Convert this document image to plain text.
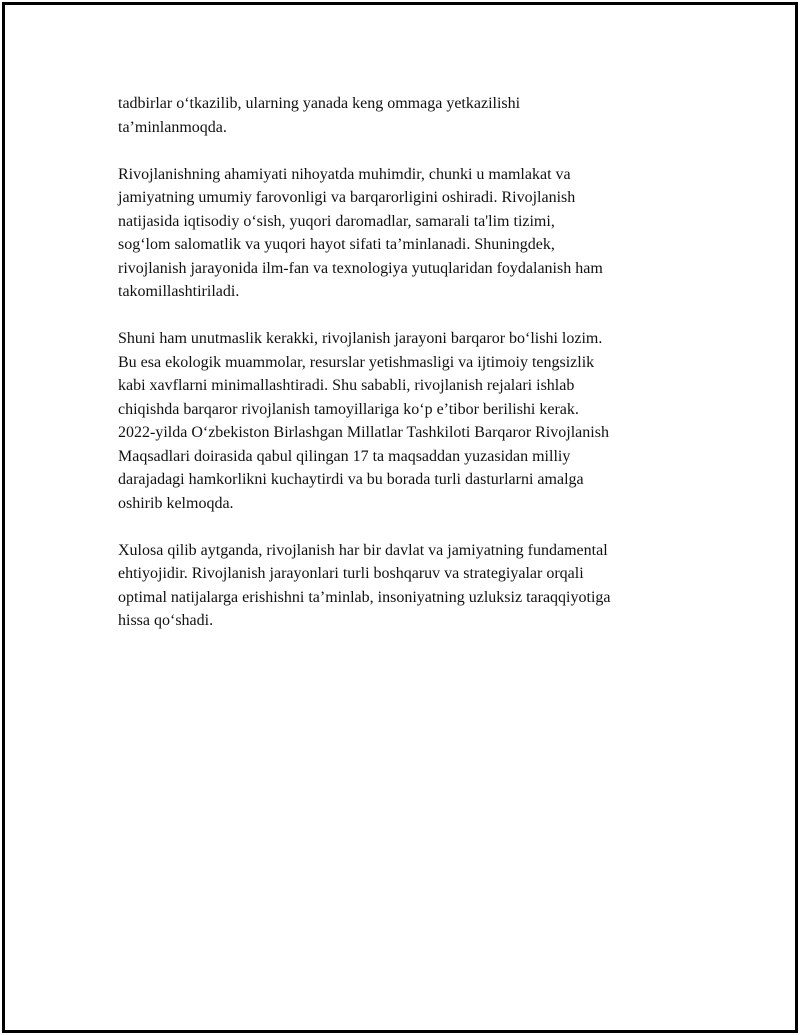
tadbirlar o‘tkazilib, ularning yanada keng ommaga yetkazilishi
ta’minlanmoqda.

Rivojlanishning ahamiyati nihoyatda muhimdir, chunki u mamlakat va
jamiyatning umumiy farovonligi va barqarorligini oshiradi. Rivojlanish
natijasida iqtisodiy o‘sish, yuqori daromadlar, samarali ta'lim tizimi,
sog‘lom salomatlik va yuqori hayot sifati ta’minlanadi. Shuningdek,
rivojlanish jarayonida ilm-fan va texnologiya yutuqlaridan foydalanish ham
takomillashtiriladi.

Shuni ham unutmaslik kerakki, rivojlanish jarayoni barqaror bo‘lishi lozim.
Bu esa ekologik muammolar, resurslar yetishmasligi va ijtimoiy tengsizlik
kabi xavflarni minimallashtiradi. Shu sababli, rivojlanish rejalari ishlab
chiqishda barqaror rivojlanish tamoyillariga ko‘p e’tibor berilishi kerak.
2022-yilda O‘zbekiston Birlashgan Millatlar Tashkiloti Barqaror Rivojlanish
Maqsadlari doirasida qabul qilingan 17 ta maqsaddan yuzasidan milliy
darajadagi hamkorlikni kuchaytirdi va bu borada turli dasturlarni amalga
oshirib kelmoqda.

Xulosa qilib aytganda, rivojlanish har bir davlat va jamiyatning fundamental
ehtiyojidir. Rivojlanish jarayonlari turli boshqaruv va strategiyalar orqali
optimal natijalarga erishishni ta’minlab, insoniyatning uzluksiz taraqqiyotiga
hissa qo‘shadi.
